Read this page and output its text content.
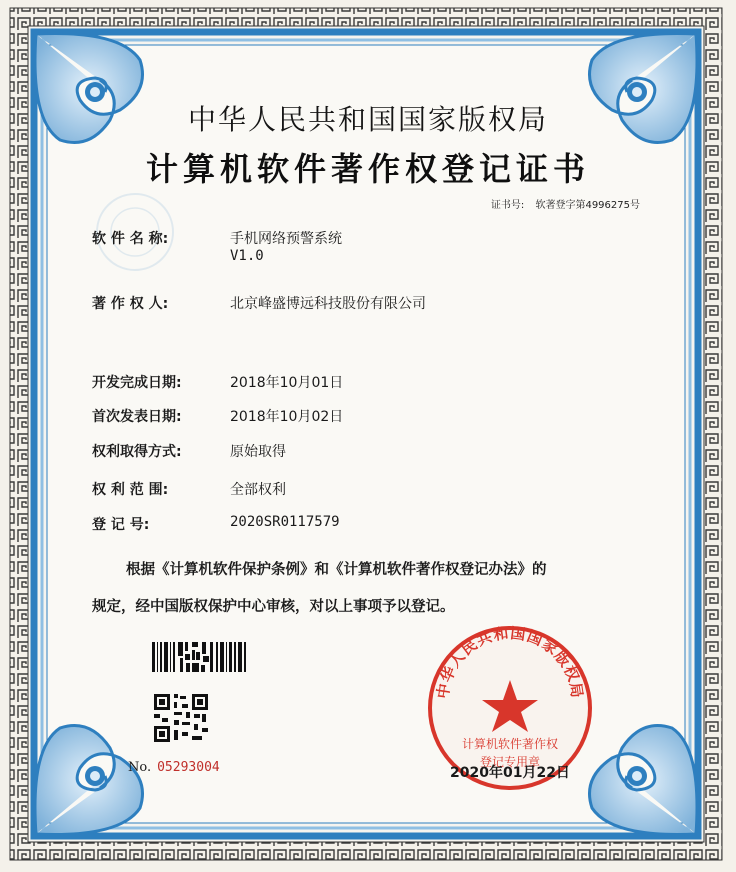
中华人民共和国国家版权局
计算机软件著作权登记证书
证书号: 软著登字第4996275号
软 件 名 称:	手机网络预警系统
V1.0
著 作 权 人:	北京峰盛博远科技股份有限公司
开发完成日期:	2018年10月01日
首次发表日期:	2018年10月02日
权利取得方式:	原始取得
权 利 范 围:	全部权利
登 记 号:	2020SR0117579
根据《计算机软件保护条例》和《计算机软件著作权登记办法》的
规定，经中国版权保护中心审核，对以上事项予以登记。
No. 05293004
中华人民共和国国家版权局
计算机软件著作权
登记专用章
2020年01月22日
